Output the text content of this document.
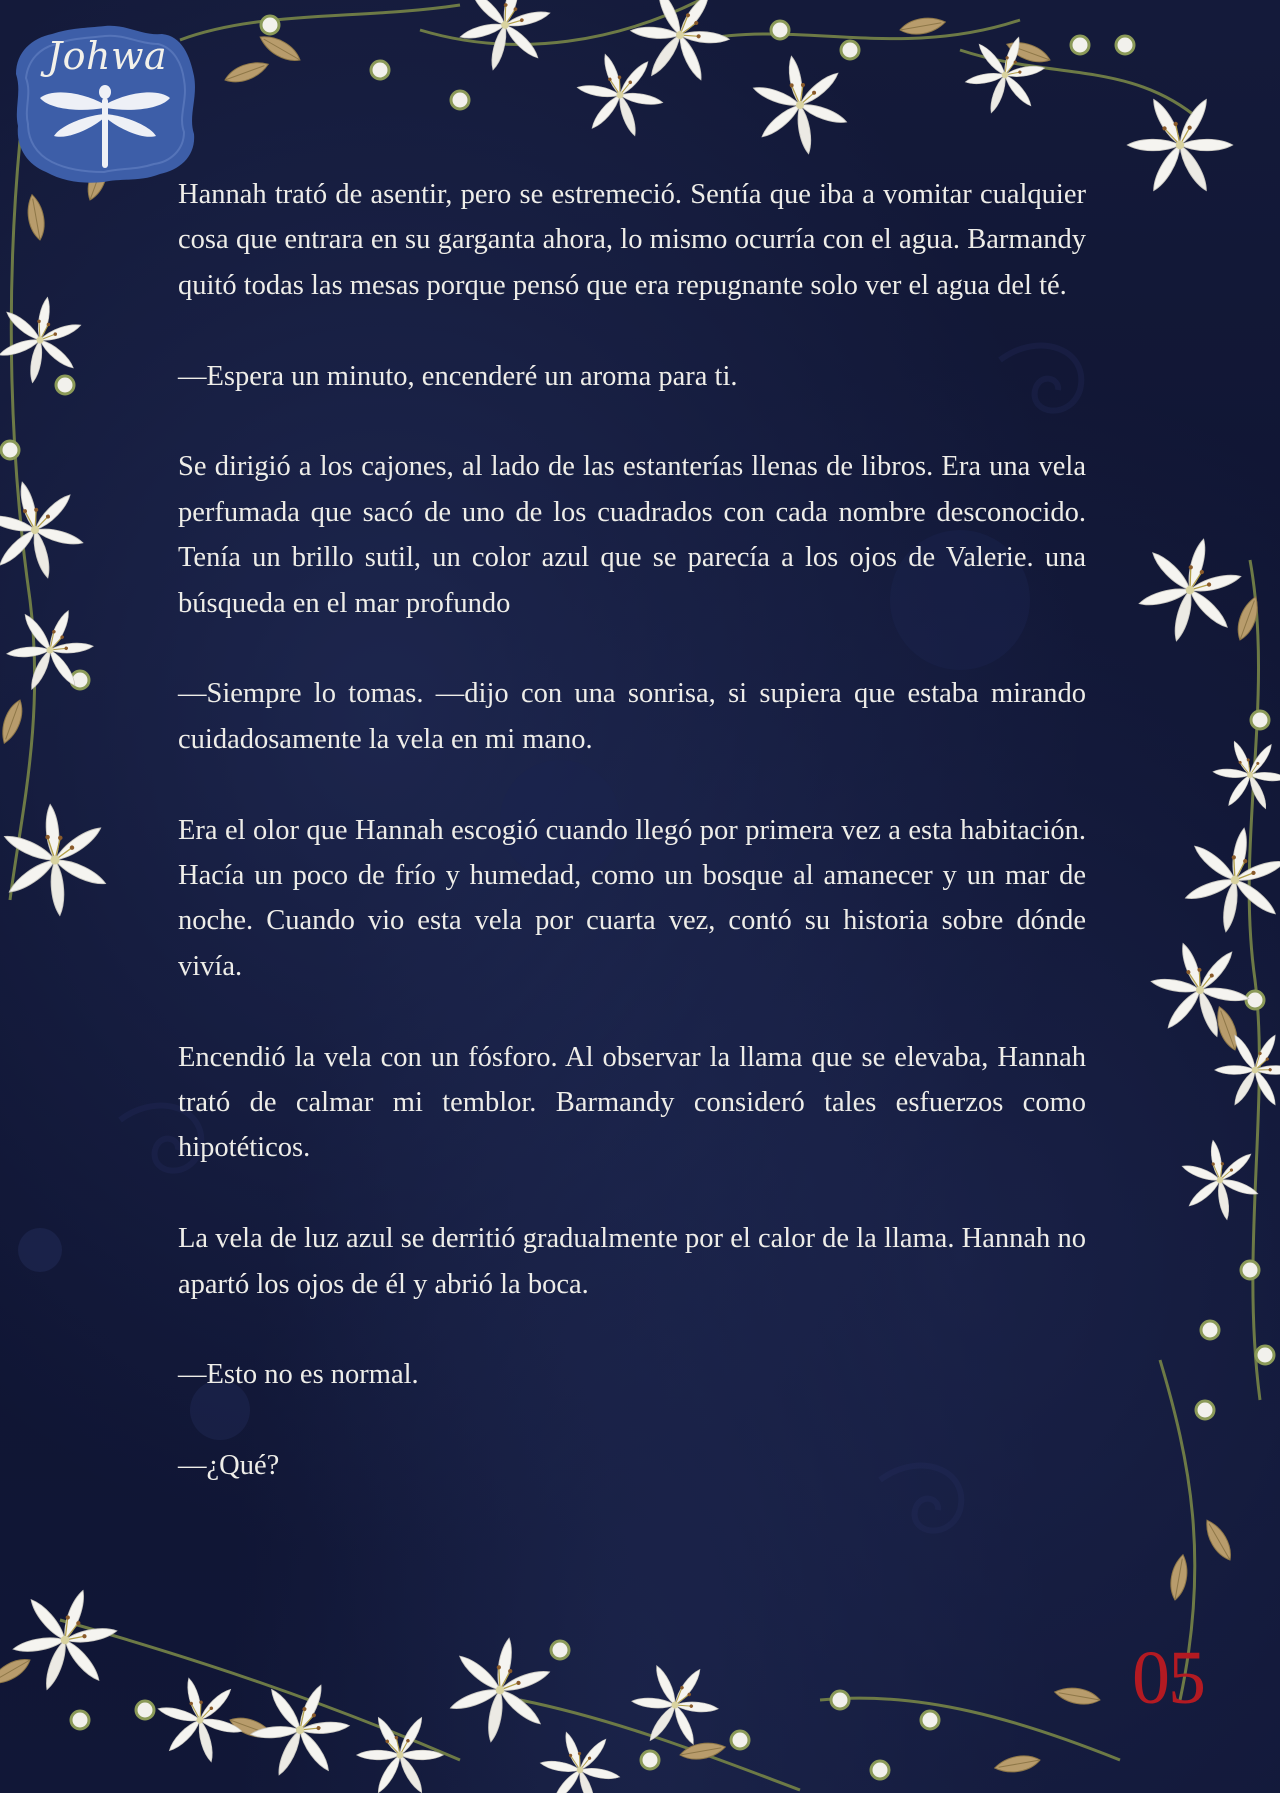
Johwa

Hannah trató de asentir, pero se estremeció. Sentía que iba a vomitar cualquier cosa que entrara en su garganta ahora, lo mismo ocurría con el agua. Barmandy quitó todas las mesas porque pensó que era repugnante solo ver el agua del té.

—Espera un minuto, encenderé un aroma para ti.

Se dirigió a los cajones, al lado de las estanterías llenas de libros. Era una vela perfumada que sacó de uno de los cuadrados con cada nombre desconocido. Tenía un brillo sutil, un color azul que se parecía a los ojos de Valerie. una búsqueda en el mar profundo

—Siempre lo tomas. —dijo con una sonrisa, si supiera que estaba mirando cuidadosamente la vela en mi mano.

Era el olor que Hannah escogió cuando llegó por primera vez a esta habitación. Hacía un poco de frío y humedad, como un bosque al amanecer y un mar de noche. Cuando vio esta vela por cuarta vez, contó su historia sobre dónde vivía.

Encendió la vela con un fósforo. Al observar la llama que se elevaba, Hannah trató de calmar mi temblor. Barmandy consideró tales esfuerzos como hipotéticos.

La vela de luz azul se derritió gradualmente por el calor de la llama. Hannah no apartó los ojos de él y abrió la boca.

—Esto no es normal.

—¿Qué?

05
